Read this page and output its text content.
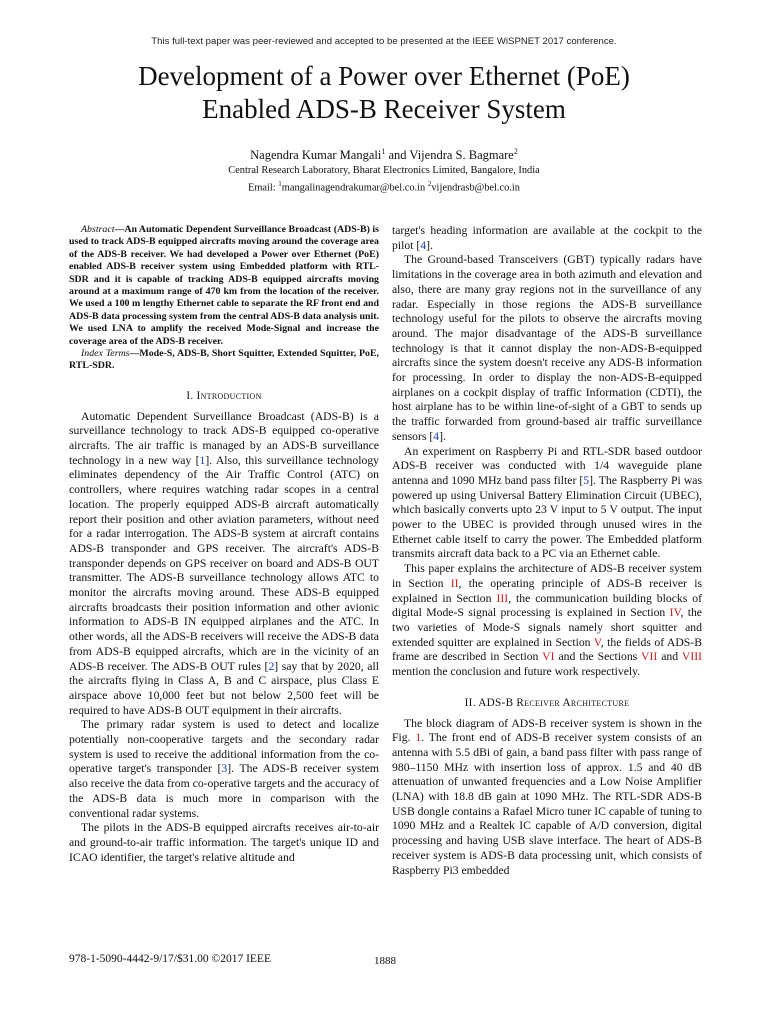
This full-text paper was peer-reviewed and accepted to be presented at the IEEE WiSPNET 2017 conference.
Development of a Power over Ethernet (PoE)
Enabled ADS-B Receiver System
Nagendra Kumar Mangali$^1$ and Vijendra S. Bagmare$^2$
Central Research Laboratory, Bharat Electronics Limited, Bangalore, India
Email: $^1$mangalinagendrakumar@bel.co.in $^2$vijendrasb@bel.co.in

Abstract—An Automatic Dependent Surveillance Broadcast (ADS-B) is used to track ADS-B equipped aircrafts moving around the coverage area of the ADS-B receiver. We had developed a Power over Ethernet (PoE) enabled ADS-B receiver system using Embedded platform with RTL-SDR and it is capable of tracking ADS-B equipped aircrafts moving around at a maximum range of 470 km from the location of the receiver. We used a 100 m lengthy Ethernet cable to separate the RF front end and ADS-B data processing system from the central ADS-B data analysis unit. We used LNA to amplify the received Mode-Signal and increase the coverage area of the ADS-B receiver.

Index Terms—Mode-S, ADS-B, Short Squitter, Extended Squitter, PoE, RTL-SDR.

I. Introduction

Automatic Dependent Surveillance Broadcast (ADS-B) is a surveillance technology to track ADS-B equipped co-operative aircrafts. The air traffic is managed by an ADS-B surveillance technology in a new way [1]. Also, this surveillance technology eliminates dependency of the Air Traffic Control (ATC) on controllers, where requires watching radar scopes in a central location. The properly equipped ADS-B aircraft automatically report their position and other aviation parameters, without need for a radar interrogation. The ADS-B system at aircraft contains ADS-B transponder and GPS receiver. The aircraft's ADS-B transponder depends on GPS receiver on board and ADS-B OUT transmitter. The ADS-B surveillance technology allows ATC to monitor the aircrafts moving around. These ADS-B equipped aircrafts broadcasts their position information and other avionic information to ADS-B IN equipped airplanes and the ATC. In other words, all the ADS-B receivers will receive the ADS-B data from ADS-B equipped aircrafts, which are in the vicinity of an ADS-B receiver. The ADS-B OUT rules [2] say that by 2020, all the aircrafts flying in Class A, B and C airspace, plus Class E airspace above 10,000 feet but not below 2,500 feet will be required to have ADS-B OUT equipment in their aircrafts.

The primary radar system is used to detect and localize potentially non-cooperative targets and the secondary radar system is used to receive the additional information from the co-operative target's transponder [3]. The ADS-B receiver system also receive the data from co-operative targets and the accuracy of the ADS-B data is much more in comparison with the conventional radar systems.

The pilots in the ADS-B equipped aircrafts receives air-to-air and ground-to-air traffic information. The target's unique ID and ICAO identifier, the target's relative altitude and

target's heading information are available at the cockpit to the pilot [4].

The Ground-based Transceivers (GBT) typically radars have limitations in the coverage area in both azimuth and elevation and also, there are many gray regions not in the surveillance of any radar. Especially in those regions the ADS-B surveillance technology useful for the pilots to observe the aircrafts moving around. The major disadvantage of the ADS-B surveillance technology is that it cannot display the non-ADS-B-equipped aircrafts since the system doesn't receive any ADS-B information for processing. In order to display the non-ADS-B-equipped airplanes on a cockpit display of traffic Information (CDTI), the host airplane has to be within line-of-sight of a GBT to sends up the traffic forwarded from ground-based air traffic surveillance sensors [4].

An experiment on Raspberry Pi and RTL-SDR based outdoor ADS-B receiver was conducted with 1/4 waveguide plane antenna and 1090 MHz band pass filter [5]. The Raspberry Pi was powered up using Universal Battery Elimination Circuit (UBEC), which basically converts upto 23 V input to 5 V output. The input power to the UBEC is provided through unused wires in the Ethernet cable itself to carry the power. The Embedded platform transmits aircraft data back to a PC via an Ethernet cable.

This paper explains the architecture of ADS-B receiver system in Section II, the operating principle of ADS-B receiver is explained in Section III, the communication building blocks of digital Mode-S signal processing is explained in Section IV, the two varieties of Mode-S signals namely short squitter and extended squitter are explained in Section V, the fields of ADS-B frame are described in Section VI and the Sections VII and VIII mention the conclusion and future work respectively.

II. ADS-B Receiver Architecture

The block diagram of ADS-B receiver system is shown in the Fig. 1. The front end of ADS-B receiver system consists of an antenna with 5.5 dBi of gain, a band pass filter with pass range of 980–1150 MHz with insertion loss of approx. 1.5 and 40 dB attenuation of unwanted frequencies and a Low Noise Amplifier (LNA) with 18.8 dB gain at 1090 MHz. The RTL-SDR ADS-B USB dongle contains a Rafael Micro tuner IC capable of tuning to 1090 MHz and a Realtek IC capable of A/D conversion, digital processing and having USB slave interface. The heart of ADS-B receiver system is ADS-B data processing unit, which consists of Raspberry Pi3 embedded

978-1-5090-4442-9/17/$31.00 ©2017 IEEE	1888
